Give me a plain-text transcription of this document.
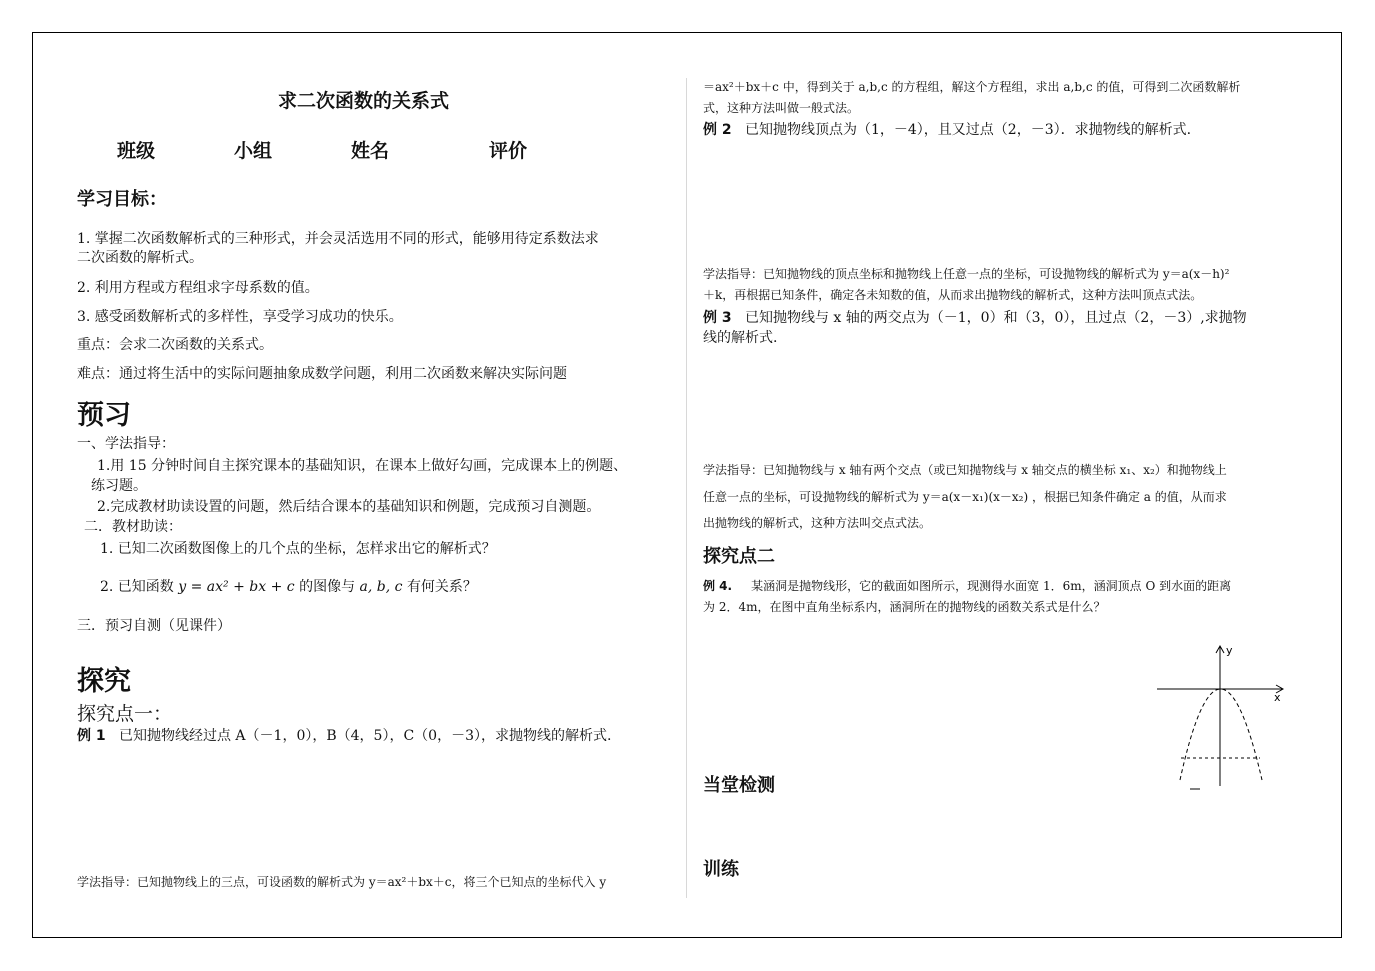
求二次函数的关系式
班级	小组	姓名	评价
学习目标：
1. 掌握二次函数解析式的三种形式，并会灵活选用不同的形式，能够用待定系数法求
二次函数的解析式。
2. 利用方程或方程组求字母系数的值。
3. 感受函数解析式的多样性，享受学习成功的快乐。
重点：会求二次函数的关系式。
难点：通过将生活中的实际问题抽象成数学问题，利用二次函数来解决实际问题
预习
一、学法指导：
1.用 15 分钟时间自主探究课本的基础知识，在课本上做好勾画，完成课本上的例题、
练习题。
2.完成教材助读设置的问题，然后结合课本的基础知识和例题，完成预习自测题。
二．教材助读：
1. 已知二次函数图像上的几个点的坐标，怎样求出它的解析式？
2. 已知函数 y = ax² + bx + c 的图像与 a, b, c 有何关系？
三．预习自测（见课件）
探究
探究点一：
例 1 已知抛物线经过点 A（－1，0），B（4，5），C（0，－3），求抛物线的解析式.
学法指导：已知抛物线上的三点，可设函数的解析式为 y＝ax²＋bx＋c，将三个已知点的坐标代入 y
＝ax²＋bx＋c 中，得到关于 a,b,c 的方程组，解这个方程组，求出 a,b,c 的值，可得到二次函数解析
式，这种方法叫做一般式法。
例 2 已知抛物线顶点为（1，－4），且又过点（2，－3）．求抛物线的解析式.
学法指导：已知抛物线的顶点坐标和抛物线上任意一点的坐标，可设抛物线的解析式为 y＝a(x－h)²
＋k，再根据已知条件，确定各未知数的值，从而求出抛物线的解析式，这种方法叫顶点式法。
例 3 已知抛物线与 x 轴的两交点为（－1，0）和（3，0），且过点（2，－3）,求抛物
线的解析式.
学法指导：已知抛物线与 x 轴有两个交点（或已知抛物线与 x 轴交点的横坐标 x₁、x₂）和抛物线上
任意一点的坐标，可设抛物线的解析式为 y＝a(x－x₁)(x－x₂) ，根据已知条件确定 a 的值，从而求
出抛物线的解析式，这种方法叫交点式法。
探究点二
例 4. 某涵洞是抛物线形，它的截面如图所示，现测得水面宽 1．6m，涵洞顶点 O 到水面的距离
为 2．4m，在图中直角坐标系内，涵洞所在的抛物线的函数关系式是什么？
x
y
当堂检测
训练
